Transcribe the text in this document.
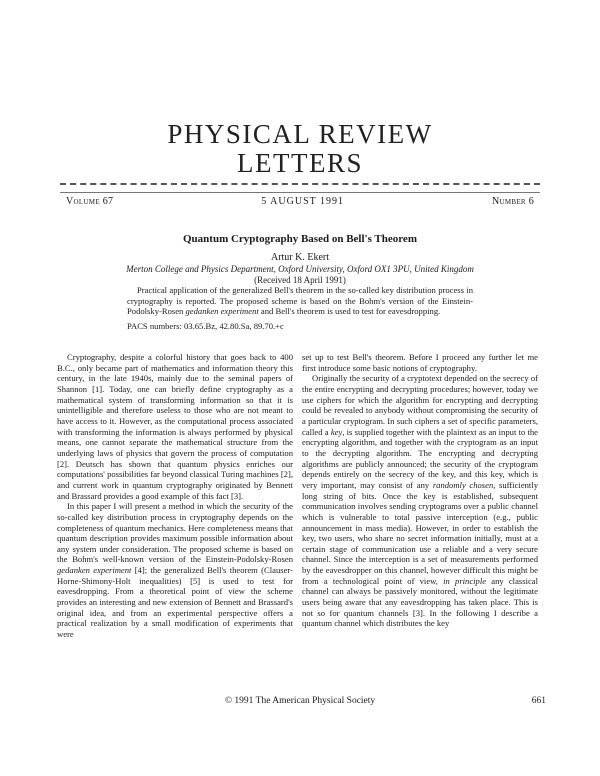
PHYSICAL REVIEW
LETTERS
Volume 67	5 AUGUST 1991	Number 6
Quantum Cryptography Based on Bell's Theorem
Artur K. Ekert
Merton College and Physics Department, Oxford University, Oxford OX1 3PU, United Kingdom
(Received 18 April 1991)
Practical application of the generalized Bell's theorem in the so-called key distribution process in cryptography is reported. The proposed scheme is based on the Bohm's version of the Einstein-Podolsky-Rosen gedanken experiment and Bell's theorem is used to test for eavesdropping.
PACS numbers: 03.65.Bz, 42.80.Sa, 89.70.+c

Cryptography, despite a colorful history that goes back to 400 B.C., only became part of mathematics and information theory this century, in the late 1940s, mainly due to the seminal papers of Shannon [1]. Today, one can briefly define cryptography as a mathematical system of transforming information so that it is unintelligible and therefore useless to those who are not meant to have access to it. However, as the computational process associated with transforming the information is always performed by physical means, one cannot separate the mathematical structure from the underlying laws of physics that govern the process of computation [2]. Deutsch has shown that quantum physics enriches our computations' possibilities far beyond classical Turing machines [2], and current work in quantum cryptography originated by Bennett and Brassard provides a good example of this fact [3].

In this paper I will present a method in which the security of the so-called key distribution process in cryptography depends on the completeness of quantum mechanics. Here completeness means that quantum description provides maximum possible information about any system under consideration. The proposed scheme is based on the Bohm's well-known version of the Einstein-Podolsky-Rosen gedanken experiment [4]; the generalized Bell's theorem (Clauser-Horne-Shimony-Holt inequalities) [5] is used to test for eavesdropping. From a theoretical point of view the scheme provides an interesting and new extension of Bennett and Brassard's original idea, and from an experimental perspective offers a practical realization by a small modification of experiments that were

set up to test Bell's theorem. Before I proceed any further let me first introduce some basic notions of cryptography.

Originally the security of a cryptotext depended on the secrecy of the entire encrypting and decrypting procedures; however, today we use ciphers for which the algorithm for encrypting and decrypting could be revealed to anybody without compromising the security of a particular cryptogram. In such ciphers a set of specific parameters, called a key, is supplied together with the plaintext as an input to the encrypting algorithm, and together with the cryptogram as an input to the decrypting algorithm. The encrypting and decrypting algorithms are publicly announced; the security of the cryptogram depends entirely on the secrecy of the key, and this key, which is very important, may consist of any randomly chosen, sufficiently long string of bits. Once the key is established, subsequent communication involves sending cryptograms over a public channel which is vulnerable to total passive interception (e.g., public announcement in mass media). However, in order to establish the key, two users, who share no secret information initially, must at a certain stage of communication use a reliable and a very secure channel. Since the interception is a set of measurements performed by the eavesdropper on this channel, however difficult this might be from a technological point of view, in principle any classical channel can always be passively monitored, without the legitimate users being aware that any eavesdropping has taken place. This is not so for quantum channels [3]. In the following I describe a quantum channel which distributes the key

© 1991 The American Physical Society	661
